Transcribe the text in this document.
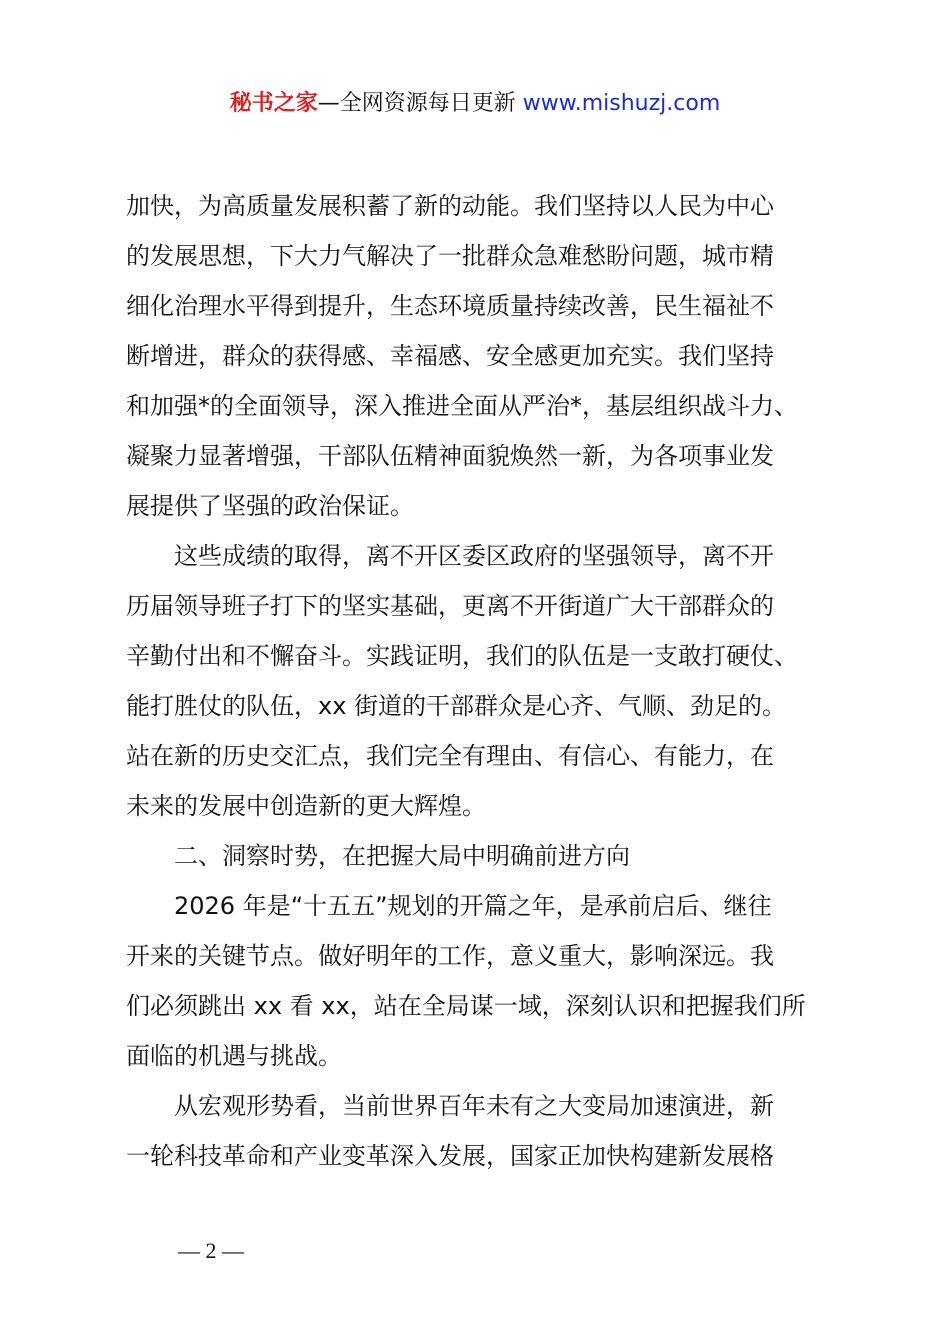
秘书之家—全网资源每日更新 www.mishuzj.com
加快，为高质量发展积蓄了新的动能。我们坚持以人民为中心
的发展思想，下大力气解决了一批群众急难愁盼问题，城市精
细化治理水平得到提升，生态环境质量持续改善，民生福祉不
断增进，群众的获得感、幸福感、安全感更加充实。我们坚持
和加强*的全面领导，深入推进全面从严治*，基层组织战斗力、
凝聚力显著增强，干部队伍精神面貌焕然一新，为各项事业发
展提供了坚强的政治保证。
这些成绩的取得，离不开区委区政府的坚强领导，离不开
历届领导班子打下的坚实基础，更离不开街道广大干部群众的
辛勤付出和不懈奋斗。实践证明，我们的队伍是一支敢打硬仗、
能打胜仗的队伍，xx 街道的干部群众是心齐、气顺、劲足的。
站在新的历史交汇点，我们完全有理由、有信心、有能力，在
未来的发展中创造新的更大辉煌。
二、洞察时势，在把握大局中明确前进方向
2026 年是“十五五”规划的开篇之年，是承前启后、继往
开来的关键节点。做好明年的工作，意义重大，影响深远。我
们必须跳出 xx 看 xx，站在全局谋一域，深刻认识和把握我们所
面临的机遇与挑战。
从宏观形势看，当前世界百年未有之大变局加速演进，新
一轮科技革命和产业变革深入发展，国家正加快构建新发展格
— 2 —
